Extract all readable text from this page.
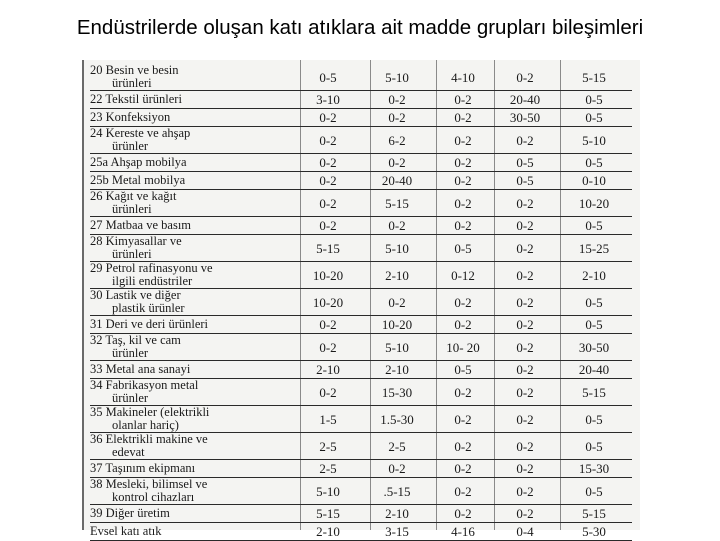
Endüstrilerde oluşan katı atıklara ait madde grupları bileşimleri
20 Besin ve besin
ürünleri	0-5	5-10	4-10	0-2	5-15

22 Tekstil ürünleri	3-10	0-2	0-2	20-40	0-5

23 Konfeksiyon	0-2	0-2	0-2	30-50	0-5

24 Kereste ve ahşap
ürünler	0-2	6-2	0-2	0-2	5-10

25a Ahşap mobilya	0-2	0-2	0-2	0-5	0-5

25b Metal mobilya	0-2	20-40	0-2	0-5	0-10

26 Kağıt ve kağıt
ürünleri	0-2	5-15	0-2	0-2	10-20

27 Matbaa ve basım	0-2	0-2	0-2	0-2	0-5

28 Kimyasallar ve
ürünleri	5-15	5-10	0-5	0-2	15-25

29 Petrol rafinasyonu ve
ilgili endüstriler	10-20	2-10	0-12	0-2	2-10

30 Lastik ve diğer
plastik ürünler	10-20	0-2	0-2	0-2	0-5

31 Deri ve deri ürünleri	0-2	10-20	0-2	0-2	0-5

32 Taş, kil ve cam
ürünler	0-2	5-10	10- 20	0-2	30-50

33 Metal ana sanayi	2-10	2-10	0-5	0-2	20-40

34 Fabrikasyon metal
ürünler	0-2	15-30	0-2	0-2	5-15

35 Makineler (elektrikli
olanlar hariç)	1-5	1.5-30	0-2	0-2	0-5

36 Elektrikli makine ve
edevat	2-5	2-5	0-2	0-2	0-5

37 Taşınım ekipmanı	2-5	0-2	0-2	0-2	15-30

38 Mesleki, bilimsel ve
kontrol cihazları	5-10	.5-15	0-2	0-2	0-5

39 Diğer üretim	5-15	2-10	0-2	0-2	5-15

Evsel katı atık	2-10	3-15	4-16	0-4	5-30
